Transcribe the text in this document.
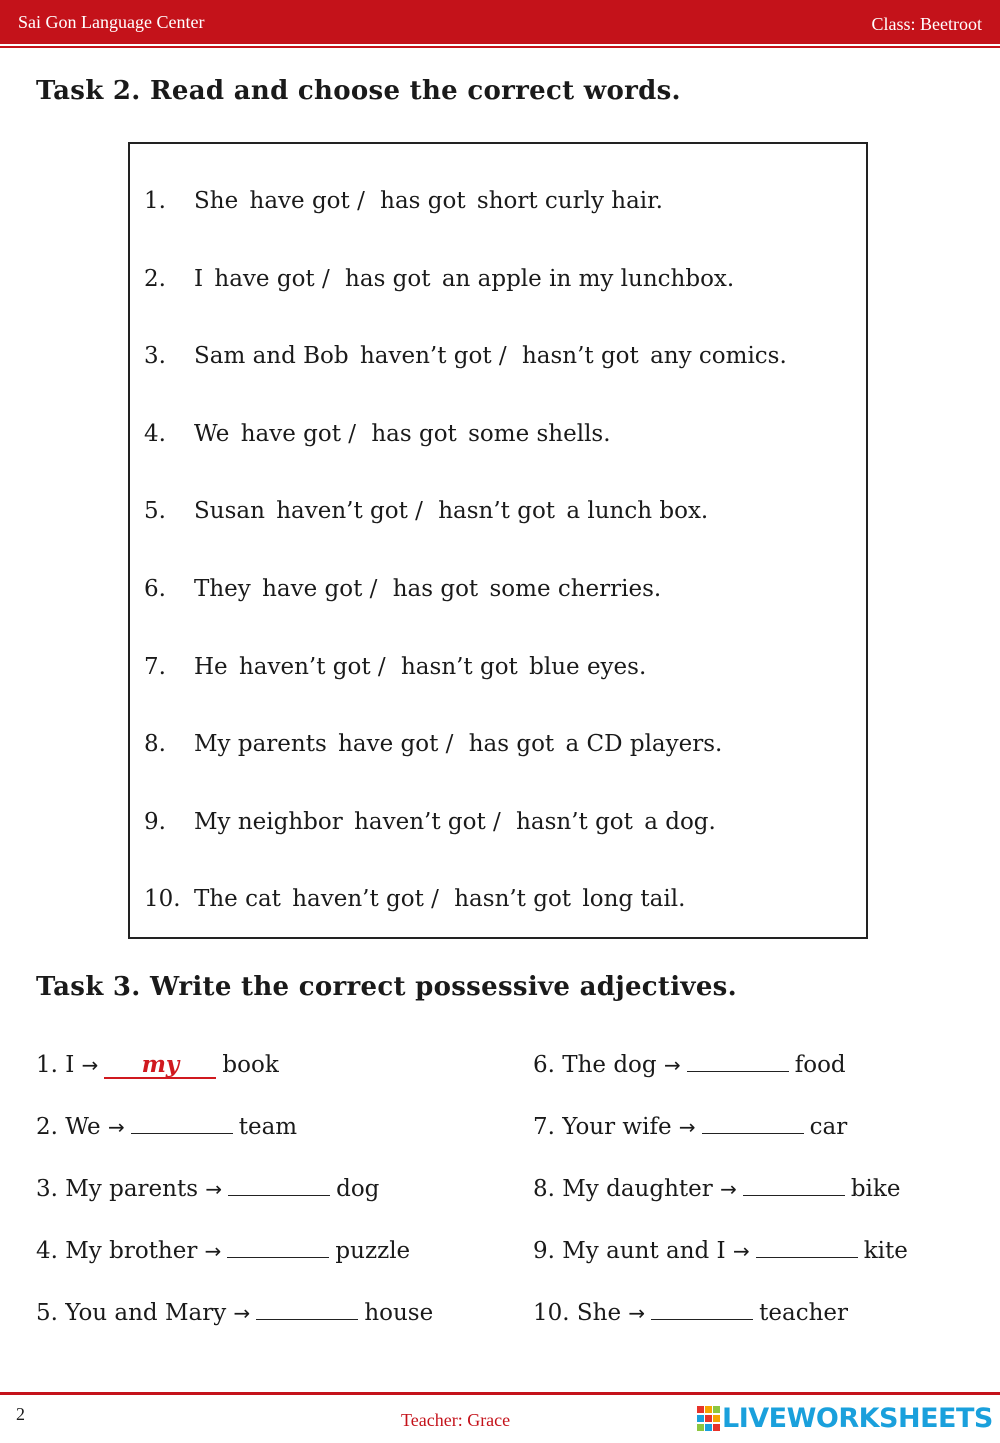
Sai Gon Language Center	Class: Beetroot
Task 2. Read and choose the correct words.
1. She have got / has got short curly hair.
2. I have got / has got an apple in my lunchbox.
3. Sam and Bob haven’t got / hasn’t got any comics.
4. We have got / has got some shells.
5. Susan haven’t got / hasn’t got a lunch box.
6. They have got / has got some cherries.
7. He haven’t got / hasn’t got blue eyes.
8. My parents have got / has got a CD players.
9. My neighbor haven’t got / hasn’t got a dog.
10. The cat haven’t got / hasn’t got long tail.
Task 3. Write the correct possessive adjectives.
1. I → my book
2. We →	team
3. My parents →	dog
4. My brother →	puzzle
5. You and Mary →	house
6. The dog →	food
7. Your wife →	car
8. My daughter →	bike
9. My aunt and I →	kite
10. She →	teacher
2	Teacher: Grace	LIVEWORKSHEETS
